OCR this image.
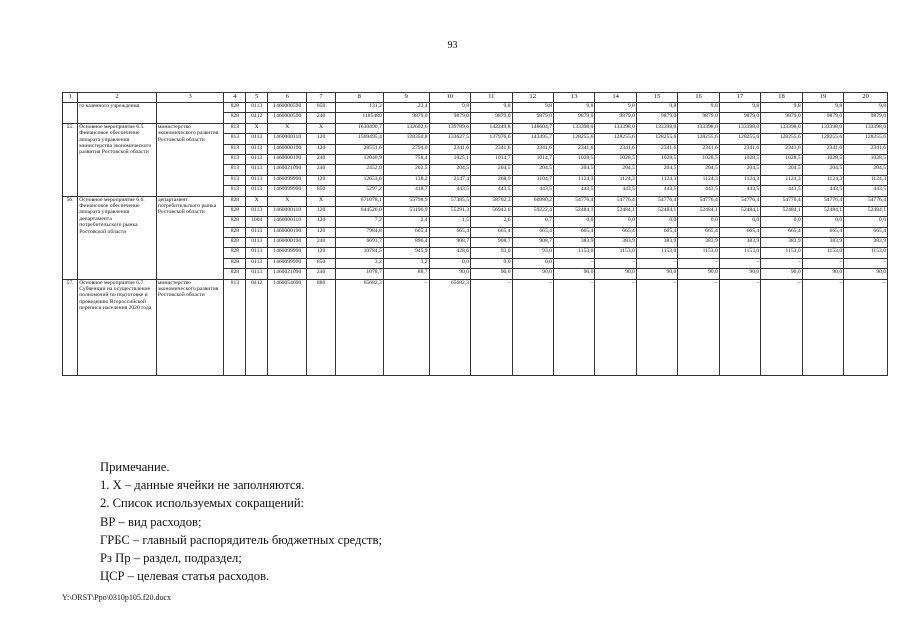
93
1	2	3	4	5	6	7	8	9	10	11	12	13	14	15	16	17	18	19	20
	го казенного учреждения		828	0113	1460000590	850	131,2	23,4	9,8	9,8	9,8	9,8	9,8	9,8	9,8	9,8	9,8	9,8	9,8
			828	0412	1460000590	240	1185480	9879,0	9879,0	9879,0	9879,0	9879,0	9879,0	9879,0	9879,0	9879,0	9879,0	9879,0	9879,0
55.	Основное мероприятие 6.5. Финансовое обеспечение аппарата управления министерства экономического развития Ростовской области	министерство экономического развития Ростовской области	813	X	X	X	1630490,7	132602,6	139789,6	142249,8	148604,7	133398,0	133398,0	133398,0	133398,0	133398,0	133398,0	133398,0	133398,0
			813	0113	1460000110	120	1569495,4	128350,8	133627,5	137976,6	143495,7	128255,6	128255,6	128255,6	128255,6	128255,6	128255,6	128255,6	128255,6
			813	0113	1460000190	120	28551,6	2794,0	2341,6	2341,6	2341,6	2341,6	2341,6	2341,6	2341,6	2341,6	2341,6	2341,6	2341,6
			813	0113	1460000190	240	12040,9	758,4	1025,1	1014,7	1014,7	1028,5	1028,5	1028,5	1028,5	1028,5	1028,5	1028,5	1028,5
			813	0113	1460021090	240	2452,0	202,5	204,5	204,5	204,5	204,5	204,5	204,5	204,5	204,5	204,5	204,5	204,5
			813	0113	1460099990	120	12653,6	138,2	2147,4	268,9	1104,7	1124,3	1124,3	1124,3	1124,3	1124,3	1124,3	1124,3	1124,3
			813	0113	1460099990	850	5297,2	418,7	443,5	443,5	443,5	443,5	443,5	443,5	443,5	443,5	443,5	443,5	443,5
56.	Основное мероприятие 6.6. Финансовое обеспечение аппарата управления департамента потребительского рынка Ростовской области	департамент потребительского рынка Ростовской области	828	X	X	X	671078,1	55798,9	57385,5	58702,3	60980,2	54776,4	54776,4	54776,4	54776,4	54776,4	54776,4	54776,4	54776,4
			828	0113	1460000110	120	644526,0	53196,9	55291,3	56942,6	59222,4	52484,1	52484,1	52484,1	52484,1	52484,1	52484,1	52484,1	52484,1
			828	1004	1460000110	120	7,2	2,4	1,5	2,6	0,7	0,0	0,0	0,0	0,0	0,0	0,0	0,0	0,0
			828	0113	1460000190	120	7984,8	665,4	665,4	665,4	665,4	665,4	665,4	665,4	665,4	665,4	665,4	665,4	665,4
			828	0113	1460000190	240	6693,7	896,4	908,7	908,7	908,7	383,9	383,9	383,9	383,9	383,9	383,9	383,9	383,9
			828	0113	1460099990	120	10784,5	945,9	428,6	93,0	93,0	1153,0	1153,0	1153,0	1153,0	1153,0	1153,0	1153,0	1153,0
			828	0113	1460099990	850	3,2	3,2	0,0	0,0	0,0	–	–	–	–	–	–	–	–
			828	0113	1460021090	240	1078,7	88,7	90,0	90,0	90,0	90,0	90,0	90,0	90,0	90,0	90,0	90,0	90,0
57.	Основное мероприятие 6.7. Субвенции на осуществление полномочий по подготовке и проведению Всероссийской переписи населения 2020 года	министерство экономического развития Ростовской области	813	0412	1460054690	880	65682,3	–	65682,3	–	–	–	–	–	–	–	–	–	–
Примечание.
1. X – данные ячейки не заполняются.
2. Список используемых сокращений:
ВР – вид расходов;
ГРБС – главный распорядитель бюджетных средств;
Рз Пр – раздел, подраздел;
ЦСР – целевая статья расходов.
Y:\ORST\Ppo\0310p105.f20.docx
